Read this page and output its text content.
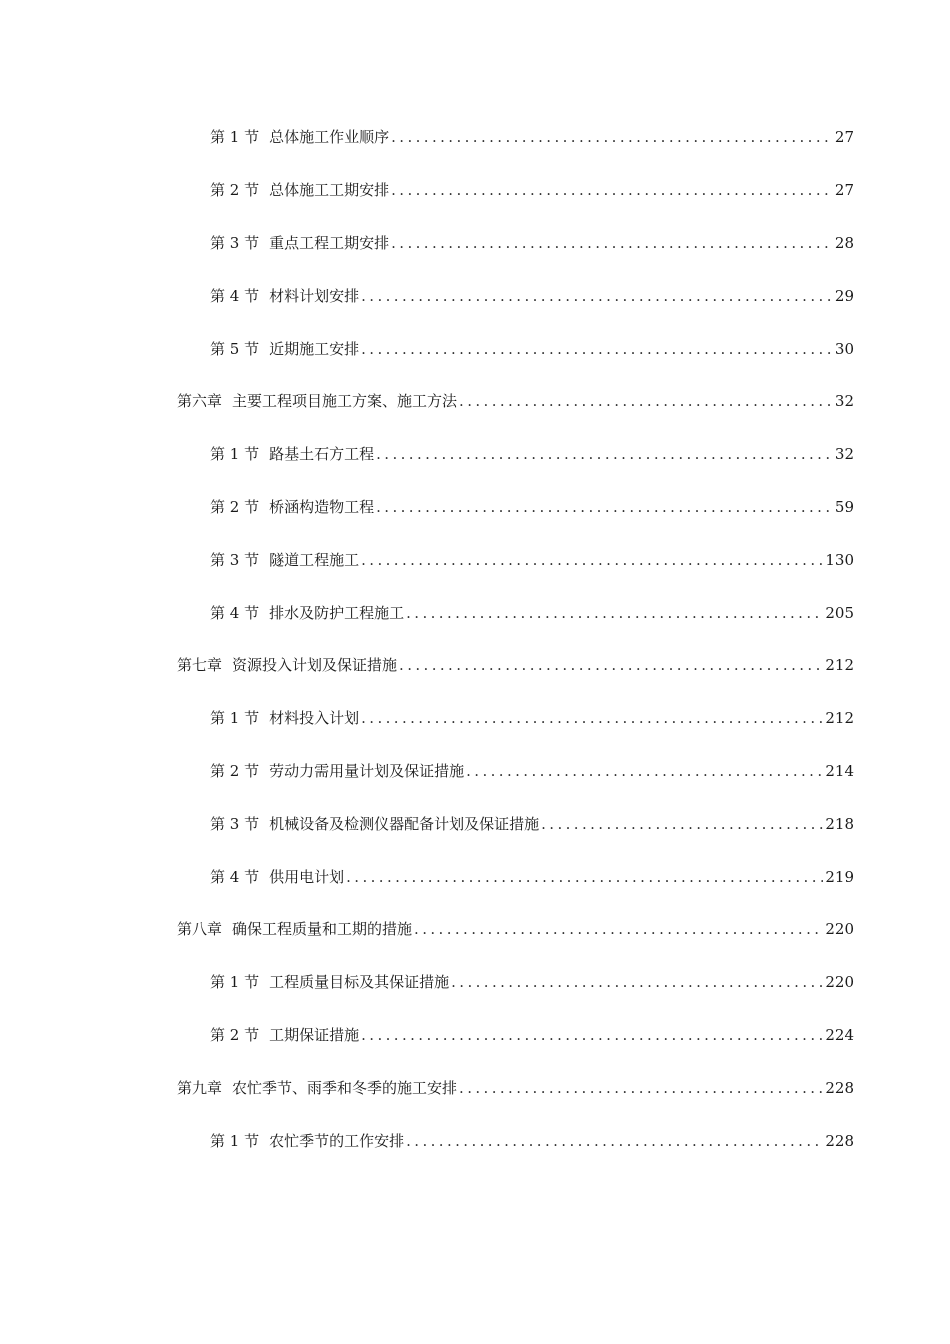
第 1 节 总体施工作业顺序 .....	27
第 2 节 总体施工工期安排 .....	27
第 3 节 重点工程工期安排 .....	28
第 4 节 材料计划安排 .....	29
第 5 节 近期施工安排 .....	30
第六章 主要工程项目施工方案、施工方法 .....	32
第 1 节 路基土石方工程 .....	32
第 2 节 桥涵构造物工程 .....	59
第 3 节 隧道工程施工 .....	130
第 4 节 排水及防护工程施工 .....	205
第七章 资源投入计划及保证措施 .....	212
第 1 节 材料投入计划 .....	212
第 2 节 劳动力需用量计划及保证措施 .....	214
第 3 节 机械设备及检测仪器配备计划及保证措施 .....	218
第 4 节 供用电计划 .....	219
第八章 确保工程质量和工期的措施 .....	220
第 1 节 工程质量目标及其保证措施 .....	220
第 2 节 工期保证措施 .....	224
第九章 农忙季节、雨季和冬季的施工安排 .....	228
第 1 节 农忙季节的工作安排 .....	228
